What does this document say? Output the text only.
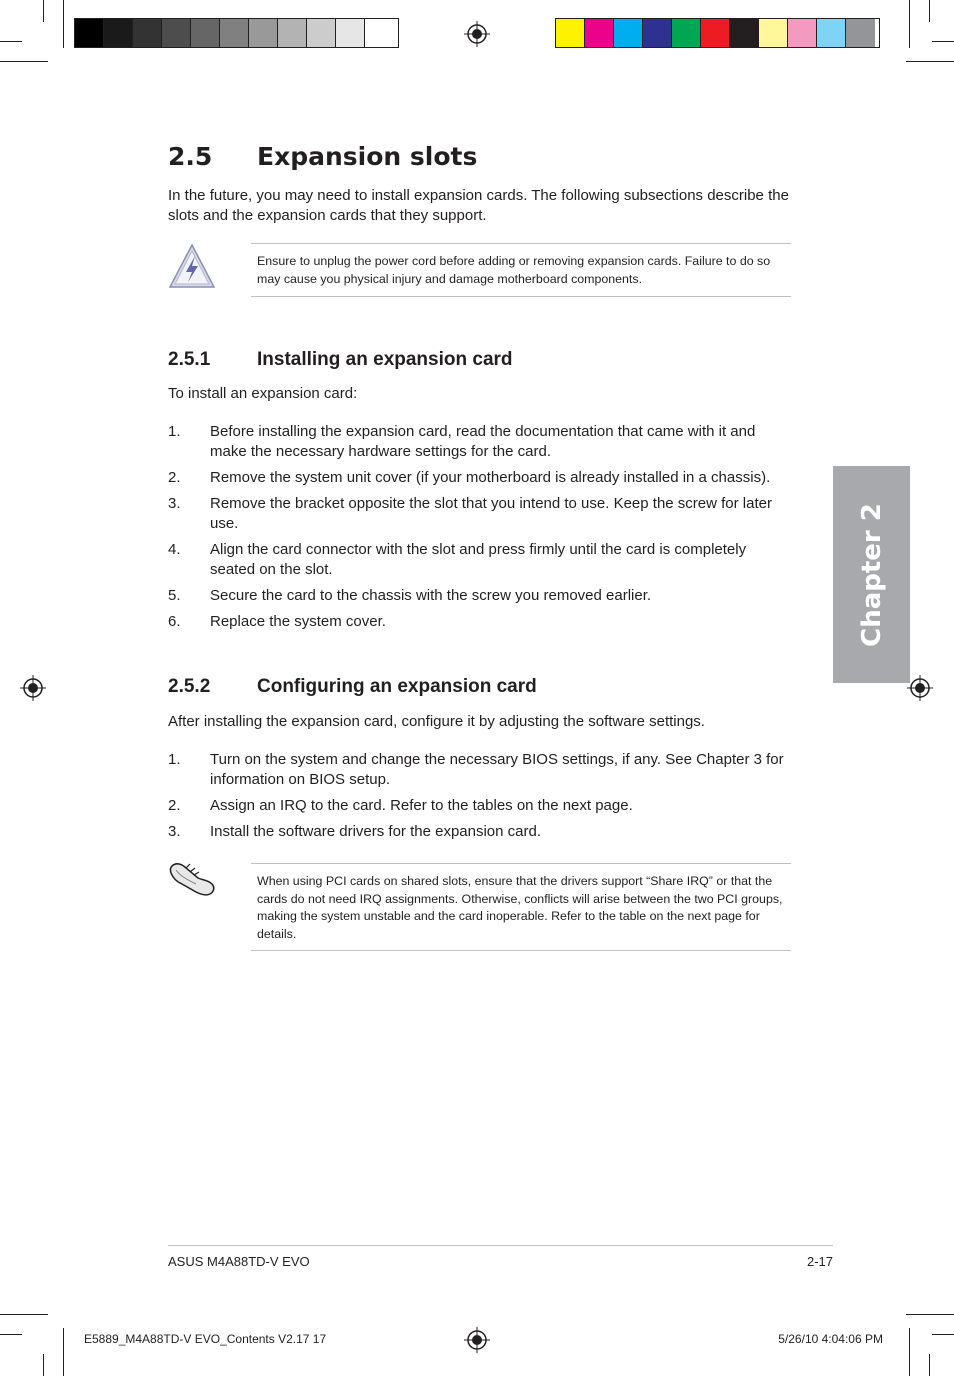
2.5 Expansion slots
In the future, you may need to install expansion cards. The following subsections describe the slots and the expansion cards that they support.
Ensure to unplug the power cord before adding or removing expansion cards. Failure to do so may cause you physical injury and damage motherboard components.
2.5.1 Installing an expansion card
To install an expansion card:
1.	Before installing the expansion card, read the documentation that came with it and make the necessary hardware settings for the card.
2.	Remove the system unit cover (if your motherboard is already installed in a chassis).
3.	Remove the bracket opposite the slot that you intend to use. Keep the screw for later use.
4.	Align the card connector with the slot and press firmly until the card is completely seated on the slot.
5.	Secure the card to the chassis with the screw you removed earlier.
6.	Replace the system cover.
2.5.2 Configuring an expansion card
After installing the expansion card, configure it by adjusting the software settings.
1.	Turn on the system and change the necessary BIOS settings, if any. See Chapter 3 for information on BIOS setup.
2.	Assign an IRQ to the card. Refer to the tables on the next page.
3.	Install the software drivers for the expansion card.
When using PCI cards on shared slots, ensure that the drivers support “Share IRQ” or that the cards do not need IRQ assignments. Otherwise, conflicts will arise between the two PCI groups, making the system unstable and the card inoperable. Refer to the table on the next page for details.
Chapter 2
ASUS M4A88TD-V EVO	2-17
E5889_M4A88TD-V EVO_Contents V2.17 17	5/26/10 4:04:06 PM
